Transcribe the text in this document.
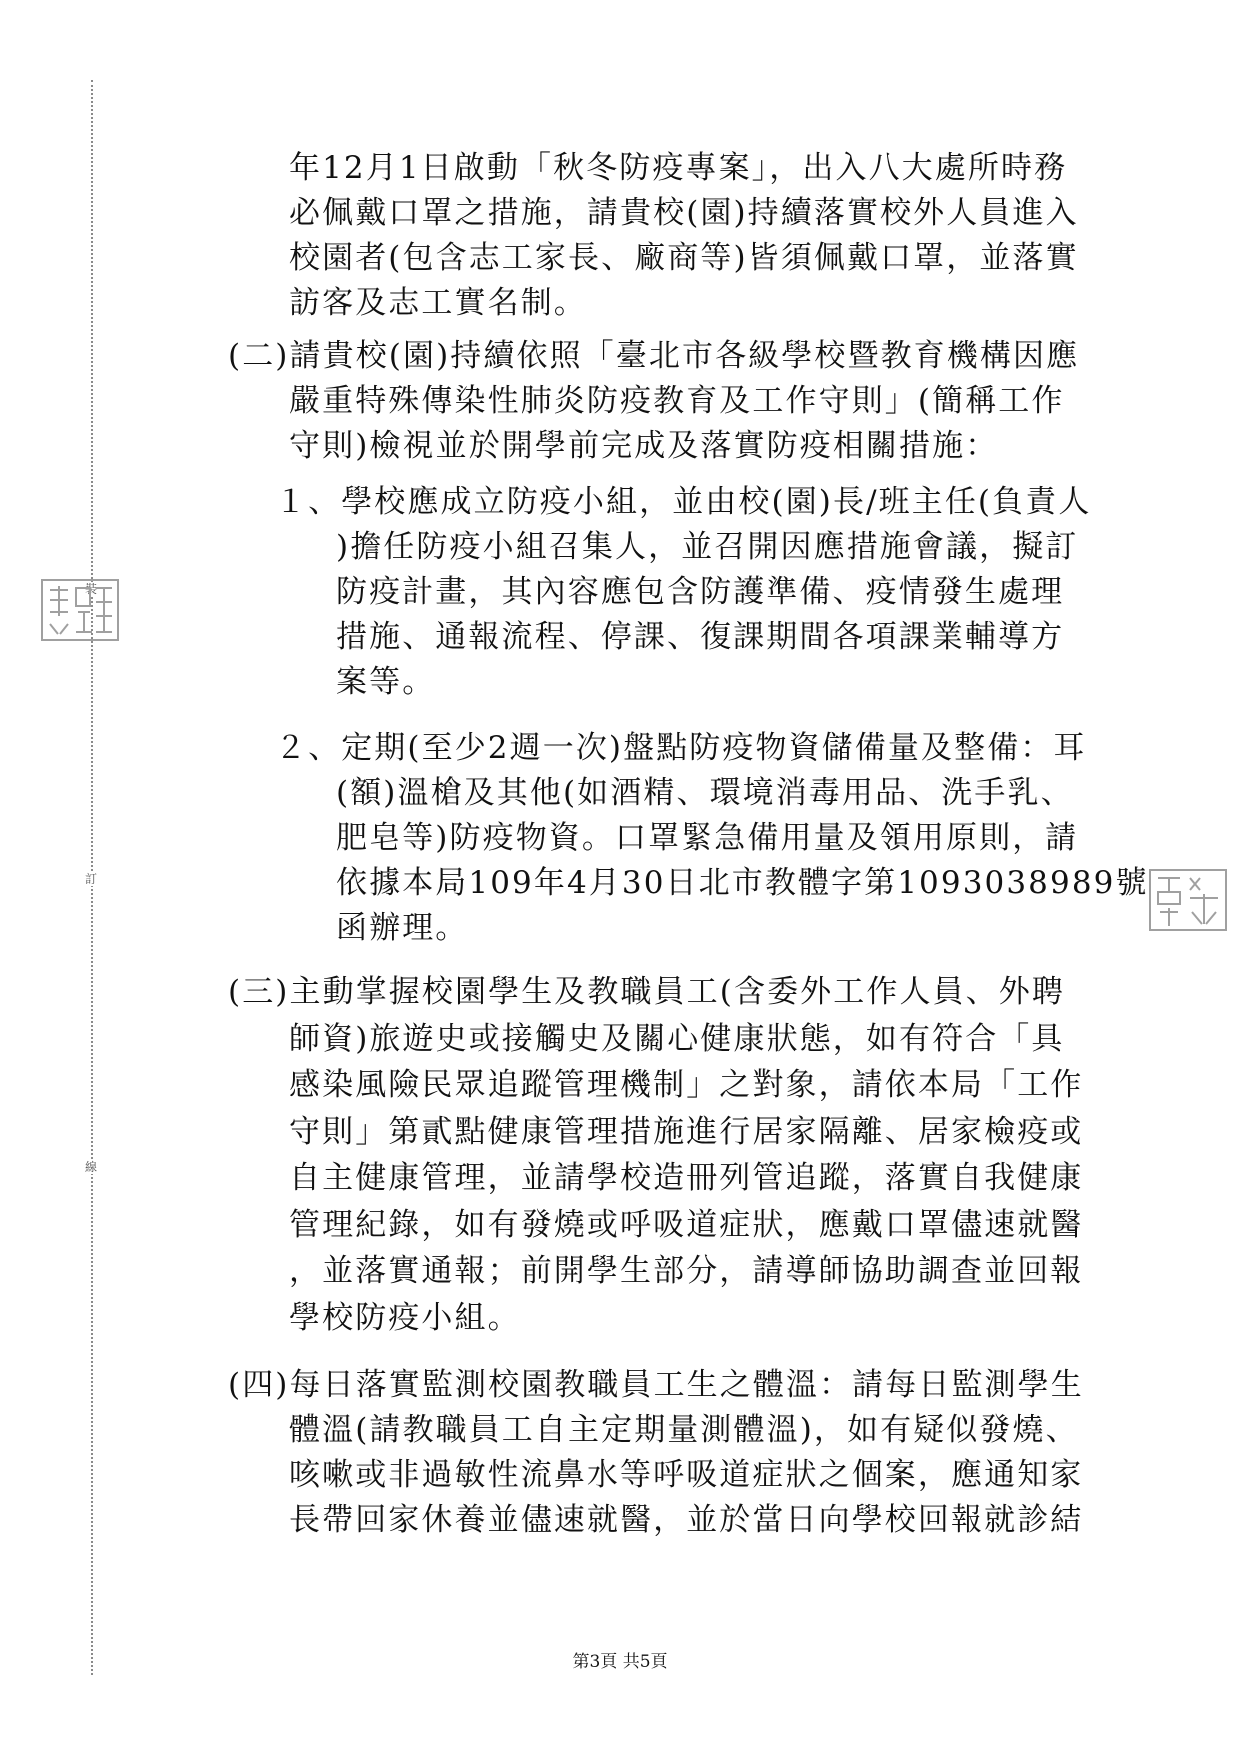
裝
訂
線
年12月1日啟動「秋冬防疫專案」，出入八大處所時務
必佩戴口罩之措施，請貴校(園)持續落實校外人員進入
校園者(包含志工家長、廠商等)皆須佩戴口罩，並落實
訪客及志工實名制。
(二)請貴校(園)持續依照「臺北市各級學校暨教育機構因應
嚴重特殊傳染性肺炎防疫教育及工作守則」(簡稱工作
守則)檢視並於開學前完成及落實防疫相關措施：
１、學校應成立防疫小組，並由校(園)長/班主任(負責人
)擔任防疫小組召集人，並召開因應措施會議，擬訂
防疫計畫，其內容應包含防護準備、疫情發生處理
措施、通報流程、停課、復課期間各項課業輔導方
案等。
２、定期(至少2週一次)盤點防疫物資儲備量及整備：耳
(額)溫槍及其他(如酒精、環境消毒用品、洗手乳、
肥皂等)防疫物資。口罩緊急備用量及領用原則，請
依據本局109年4月30日北市教體字第1093038989號
函辦理。
(三)主動掌握校園學生及教職員工(含委外工作人員、外聘
師資)旅遊史或接觸史及關心健康狀態，如有符合「具
感染風險民眾追蹤管理機制」之對象，請依本局「工作
守則」第貳點健康管理措施進行居家隔離、居家檢疫或
自主健康管理，並請學校造冊列管追蹤，落實自我健康
管理紀錄，如有發燒或呼吸道症狀，應戴口罩儘速就醫
，並落實通報；前開學生部分，請導師協助調查並回報
學校防疫小組。
(四)每日落實監測校園教職員工生之體溫：請每日監測學生
體溫(請教職員工自主定期量測體溫)，如有疑似發燒、
咳嗽或非過敏性流鼻水等呼吸道症狀之個案，應通知家
長帶回家休養並儘速就醫，並於當日向學校回報就診結
第3頁 共5頁
